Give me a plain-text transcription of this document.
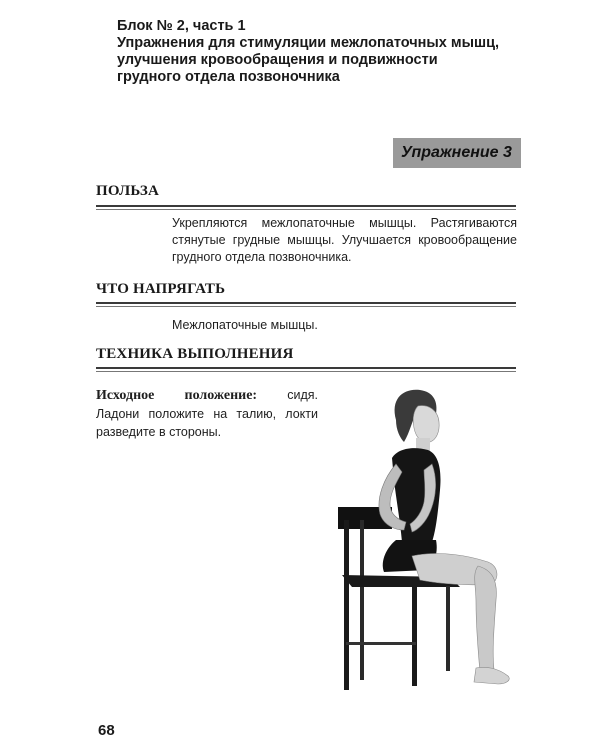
Блок № 2, часть 1
Упражнения для стимуляции межлопаточных мышц,
улучшения кровообращения и подвижности
грудного отдела позвоночника
Упражнение 3
ПОЛЬЗА
Укрепляются межлопаточные мышцы. Растягиваются
стянутые грудные мышцы. Улучшается кровообращение
грудного отдела позвоночника.
ЧТО НАПРЯГАТЬ
Межлопаточные мышцы.
ТЕХНИКА ВЫПОЛНЕНИЯ
Исходное положение: сидя.
Ладони положите на талию, локти
разведите в стороны.
68
